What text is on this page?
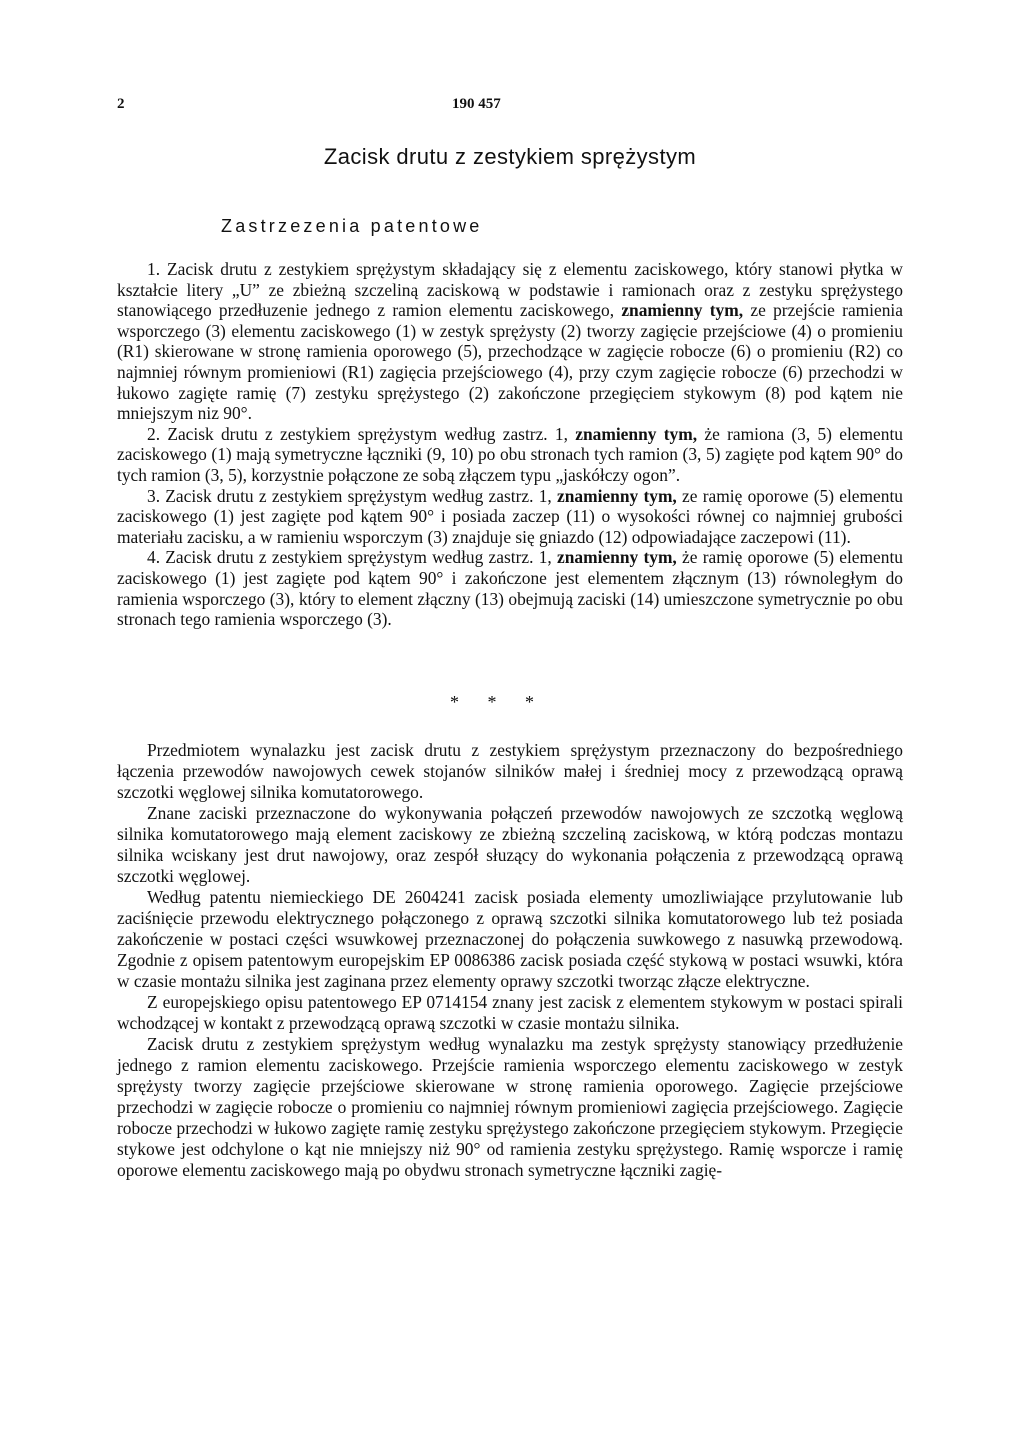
2	190 457
Zacisk drutu z zestykiem sprężystym
Zastrzezenia patentowe

1. Zacisk drutu z zestykiem sprężystym składający się z elementu zaciskowego, który stanowi płytka w kształcie litery „U” ze zbieżną szczeliną zaciskową w podstawie i ramionach oraz z zestyku sprężystego stanowiącego przedłuzenie jednego z ramion elementu zaciskowego, znamienny tym, ze przejście ramienia wsporczego (3) elementu zaciskowego (1) w zestyk sprężysty (2) tworzy zagięcie przejściowe (4) o promieniu (R1) skierowane w stronę ramienia oporowego (5), przechodzące w zagięcie robocze (6) o promieniu (R2) co najmniej równym promieniowi (R1) zagięcia przejściowego (4), przy czym zagięcie robocze (6) przechodzi w łukowo zagięte ramię (7) zestyku sprężystego (2) zakończone przegięciem stykowym (8) pod kątem nie mniejszym niz 90°.

2. Zacisk drutu z zestykiem sprężystym według zastrz. 1, znamienny tym, że ramiona (3, 5) elementu zaciskowego (1) mają symetryczne łączniki (9, 10) po obu stronach tych ramion (3, 5) zagięte pod kątem 90° do tych ramion (3, 5), korzystnie połączone ze sobą złączem typu „jaskółczy ogon”.

3. Zacisk drutu z zestykiem sprężystym według zastrz. 1, znamienny tym, ze ramię oporowe (5) elementu zaciskowego (1) jest zagięte pod kątem 90° i posiada zaczep (11) o wysokości równej co najmniej grubości materiału zacisku, a w ramieniu wsporczym (3) znajduje się gniazdo (12) odpowiadające zaczepowi (11).

4. Zacisk drutu z zestykiem sprężystym według zastrz. 1, znamienny tym, że ramię oporowe (5) elementu zaciskowego (1) jest zagięte pod kątem 90° i zakończone jest elementem złącznym (13) równoległym do ramienia wsporczego (3), który to element złączny (13) obejmują zaciski (14) umieszczone symetrycznie po obu stronach tego ramienia wsporczego (3).

* * *

Przedmiotem wynalazku jest zacisk drutu z zestykiem sprężystym przeznaczony do bezpośredniego łączenia przewodów nawojowych cewek stojanów silników małej i średniej mocy z przewodzącą oprawą szczotki węglowej silnika komutatorowego.

Znane zaciski przeznaczone do wykonywania połączeń przewodów nawojowych ze szczotką węglową silnika komutatorowego mają element zaciskowy ze zbieżną szczeliną zaciskową, w którą podczas montazu silnika wciskany jest drut nawojowy, oraz zespół słuzący do wykonania połączenia z przewodzącą oprawą szczotki węglowej.

Według patentu niemieckiego DE 2604241 zacisk posiada elementy umozliwiające przylutowanie lub zaciśnięcie przewodu elektrycznego połączonego z oprawą szczotki silnika komutatorowego lub też posiada zakończenie w postaci części wsuwkowej przeznaczonej do połączenia suwkowego z nasuwką przewodową. Zgodnie z opisem patentowym europejskim EP 0086386 zacisk posiada część stykową w postaci wsuwki, która w czasie montażu silnika jest zaginana przez elementy oprawy szczotki tworząc złącze elektryczne.

Z europejskiego opisu patentowego EP 0714154 znany jest zacisk z elementem stykowym w postaci spirali wchodzącej w kontakt z przewodzącą oprawą szczotki w czasie montażu silnika.

Zacisk drutu z zestykiem sprężystym według wynalazku ma zestyk sprężysty stanowiący przedłużenie jednego z ramion elementu zaciskowego. Przejście ramienia wsporczego elementu zaciskowego w zestyk sprężysty tworzy zagięcie przejściowe skierowane w stronę ramienia oporowego. Zagięcie przejściowe przechodzi w zagięcie robocze o promieniu co najmniej równym promieniowi zagięcia przejściowego. Zagięcie robocze przechodzi w łukowo zagięte ramię zestyku sprężystego zakończone przegięciem stykowym. Przegięcie stykowe jest odchylone o kąt nie mniejszy niż 90° od ramienia zestyku sprężystego. Ramię wsporcze i ramię oporowe elementu zaciskowego mają po obydwu stronach symetryczne łączniki zagię-
